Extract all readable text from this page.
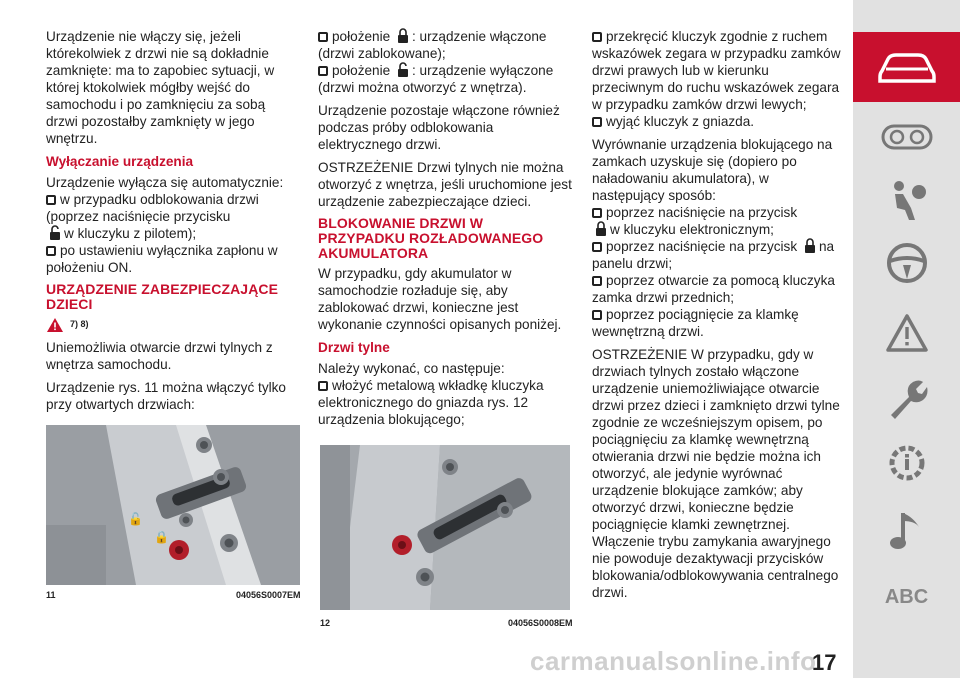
Urządzenie nie włączy się, jeżeli którekolwiek z drzwi nie są dokładnie zamknięte: ma to zapobiec sytuacji, w której ktokolwiek mógłby wejść do samochodu i po zamknięciu za sobą drzwi pozostałby zamknięty w jego wnętrzu.

Wyłączanie urządzenia

Urządzenie wyłącza się automatycznie:

w przypadku odblokowania drzwi (poprzez naciśnięcie przycisku
w kluczyku z pilotem);

po ustawieniu wyłącznika zapłonu w położeniu ON.

URZĄDZENIE ZABEZPIECZAJĄCE DZIECI
7) 8)

Uniemożliwia otwarcie drzwi tylnych z wnętrza samochodu.

Urządzenie rys. 11 można włączyć tylko przy otwartych drzwiach:

🔓
🔒
11	04056S0007EM

położenie : urządzenie włączone (drzwi zablokowane);

położenie : urządzenie wyłączone (drzwi można otworzyć z wnętrza).

Urządzenie pozostaje włączone również podczas próby odblokowania elektrycznego drzwi.

OSTRZEŻENIE Drzwi tylnych nie można otworzyć z wnętrza, jeśli uruchomione jest urządzenie zabezpieczające dzieci.

BLOKOWANIE DRZWI W PRZYPADKU ROZŁADOWANEGO AKUMULATORA

W przypadku, gdy akumulator w samochodzie rozładuje się, aby zablokować drzwi, konieczne jest wykonanie czynności opisanych poniżej.

Drzwi tylne

Należy wykonać, co następuje:

włożyć metalową wkładkę kluczyka elektronicznego do gniazda rys. 12 urządzenia blokującego;

12	04056S0008EM

przekręcić kluczyk zgodnie z ruchem wskazówek zegara w przypadku zamków drzwi prawych lub w kierunku przeciwnym do ruchu wskazówek zegara w przypadku zamków drzwi lewych;

wyjąć kluczyk z gniazda.

Wyrównanie urządzenia blokującego na zamkach uzyskuje się (dopiero po naładowaniu akumulatora), w następujący sposób:

poprzez naciśnięcie na przycisk
w kluczyku elektronicznym;

poprzez naciśnięcie na przycisk na panelu drzwi;

poprzez otwarcie za pomocą kluczyka zamka drzwi przednich;

poprzez pociągnięcie za klamkę wewnętrzną drzwi.

OSTRZEŻENIE W przypadku, gdy w drzwiach tylnych zostało włączone urządzenie uniemożliwiające otwarcie drzwi przez dzieci i zamknięto drzwi tylne zgodnie ze wcześniejszym opisem, po pociągnięciu za klamkę wewnętrzną otwierania drzwi nie będzie można ich otworzyć, ale jedynie wyrównać urządzenie blokujące zamków; aby otworzyć drzwi, konieczne będzie pociągnięcie klamki zewnętrznej. Włączenie trybu zamykania awaryjnego nie powoduje dezaktywacji przycisków blokowania/odblokowywania centralnego drzwi.	ABC
carmanualsonline.info
17
